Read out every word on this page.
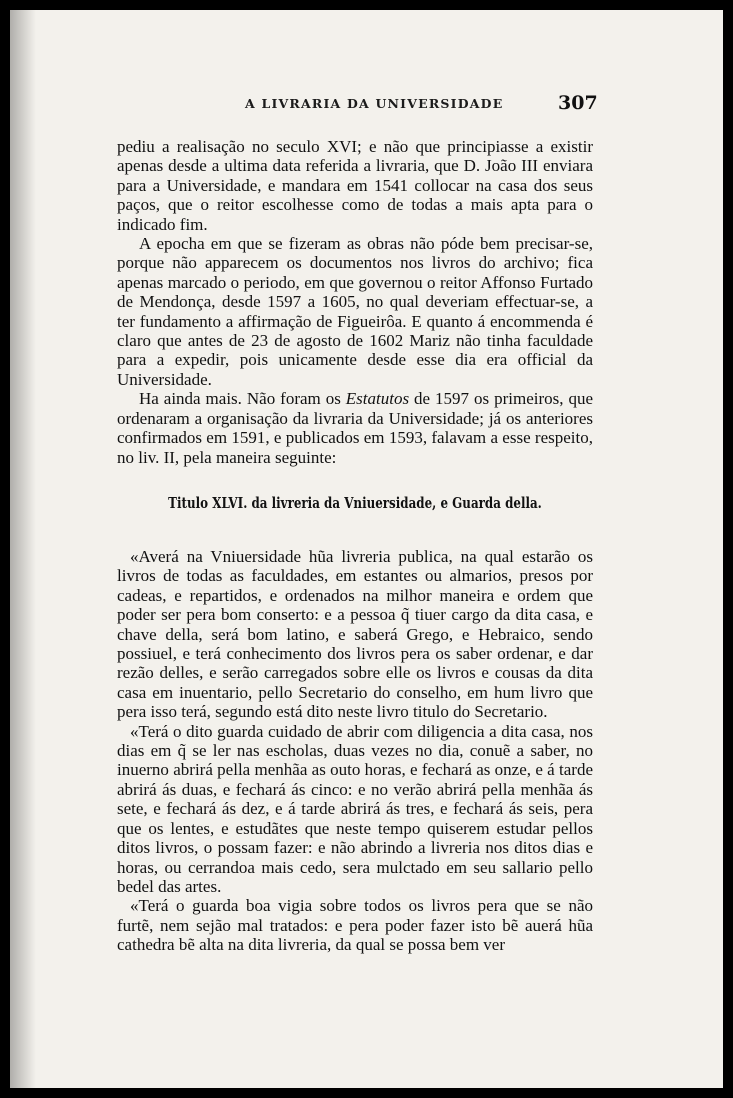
A LIVRARIA DA UNIVERSIDADE	307

pediu a realisação no seculo XVI; e não que principiasse a existir apenas desde a ultima data referida a livraria, que D. João III enviara para a Universidade, e mandara em 1541 collocar na casa dos seus paços, que o reitor escolhesse como de todas a mais apta para o indicado fim.

A epocha em que se fizeram as obras não póde bem precisar-se, porque não apparecem os documentos nos livros do archivo; fica apenas marcado o periodo, em que governou o reitor Affonso Furtado de Mendonça, desde 1597 a 1605, no qual deveriam effectuar-se, a ter fundamento a affirmação de Figueirôa. E quanto á encommenda é claro que antes de 23 de agosto de 1602 Mariz não tinha faculdade para a expedir, pois unicamente desde esse dia era official da Universidade.

Ha ainda mais. Não foram os Estatutos de 1597 os primeiros, que ordenaram a organisação da livraria da Universidade; já os anteriores confirmados em 1591, e publicados em 1593, falavam a esse respeito, no liv. II, pela maneira seguinte:

Titulo XLVI. da livreria da Vniuersidade, e Guarda della.

«Averá na Vniuersidade hũa livreria publica, na qual estarão os livros de todas as faculdades, em estantes ou almarios, presos por cadeas, e repartidos, e ordenados na milhor maneira e ordem que poder ser pera bom conserto: e a pessoa q̃ tiuer cargo da dita casa, e chave della, será bom latino, e saberá Grego, e Hebraico, sendo possiuel, e terá conhecimento dos livros pera os saber ordenar, e dar rezão delles, e serão carregados sobre elle os livros e cousas da dita casa em inuentario, pello Secretario do conselho, em hum livro que pera isso terá, segundo está dito neste livro titulo do Secretario.

«Terá o dito guarda cuidado de abrir com diligencia a dita casa, nos dias em q̃ se ler nas escholas, duas vezes no dia, conuẽ a saber, no inuerno abrirá pella menhãa as outo horas, e fechará as onze, e á tarde abrirá ás duas, e fechará ás cinco: e no verão abrirá pella menhãa ás sete, e fechará ás dez, e á tarde abrirá ás tres, e fechará ás seis, pera que os lentes, e estudãtes que neste tempo quiserem estudar pellos ditos livros, o possam fazer: e não abrindo a livreria nos ditos dias e horas, ou cerrandoa mais cedo, sera mulctado em seu sallario pello bedel das artes.

«Terá o guarda boa vigia sobre todos os livros pera que se não furtẽ, nem sejão mal tratados: e pera poder fazer isto bẽ auerá hũa cathedra bẽ alta na dita livreria, da qual se possa bem ver
